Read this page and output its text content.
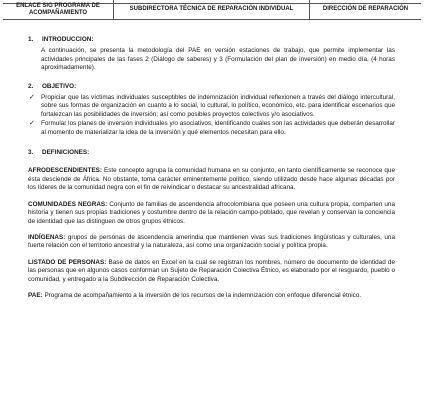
ENLACE SIG PROGRAMA DE ACOMPAÑAMIENTO
SUBDIRECTORA TÉCNICA DE REPARACIÓN INDIVIDUAL	DIRECCIÓN DE REPARACIÓN
1. INTRODUCCION:
A continuación, se presenta la metodología del PAE en versión estaciones de trabajo, que permite implementar las actividades principales de las fases 2 (Diálogo de saberes) y 3 (Formulación del plan de inversión) en medio día, (4 horas aproximadamente).
2. OBJETIVO:
✓ Propiciar que las víctimas individuales susceptibles de indemnización individual reflexionen a través del diálogo intercultural, sobre sus formas de organización en cuanto a lo social, lo cultural, lo político, económico, etc. para identificar escenarios que fortalezcan las posibilidades de inversión; así como posibles proyectos colectivos y/o asociativos.
✓ Formular los planes de inversión individuales y/o asociativos, identificando cuáles son las actividades que deberán desarrollar al momento de materializar la idea de la inversión y qué elementos necesitan para ello.
3. DEFINICIONES:
AFRODESCENDIENTES: Este concepto agrupa la comunidad humana en su conjunto, en tanto científicamente se reconoce que ésta desciende de África. No obstante, toma carácter eminentemente político, siendo utilizado desde hace algunas décadas por los líderes de la comunidad negra con el fin de reivindicar o destacar su ancestralidad africana.
COMUNIDADES NEGRAS: Conjunto de familias de ascendencia afrocolombiana que poseen una cultura propia, comparten una historia y tienen sus propias tradiciones y costumbre dentro de la relación campo-poblado, que revelan y conservan la conciencia de identidad que las distinguen de otros grupos étnicos.
INDÍGENAS: grupos de personas de ascendencia amerindia que mantienen vivas sus tradiciones lingüísticas y culturales, una fuerte relación con el territorio ancestral y la naturaleza, así como una organización social y política propia.
LISTADO DE PERSONAS: Base de datos en Excel en la cual se registran los nombres, número de documento de identidad de las personas que en algunos casos conforman un Sujeto de Reparación Colectiva Étnico, es elaborado por el resguardo, pueblo o comunidad, y entregado a la Subdirección de Reparación Colectiva.
PAE: Programa de acompañamiento a la inversión de los recursos de la indemnización con enfoque diferencial étnico.
